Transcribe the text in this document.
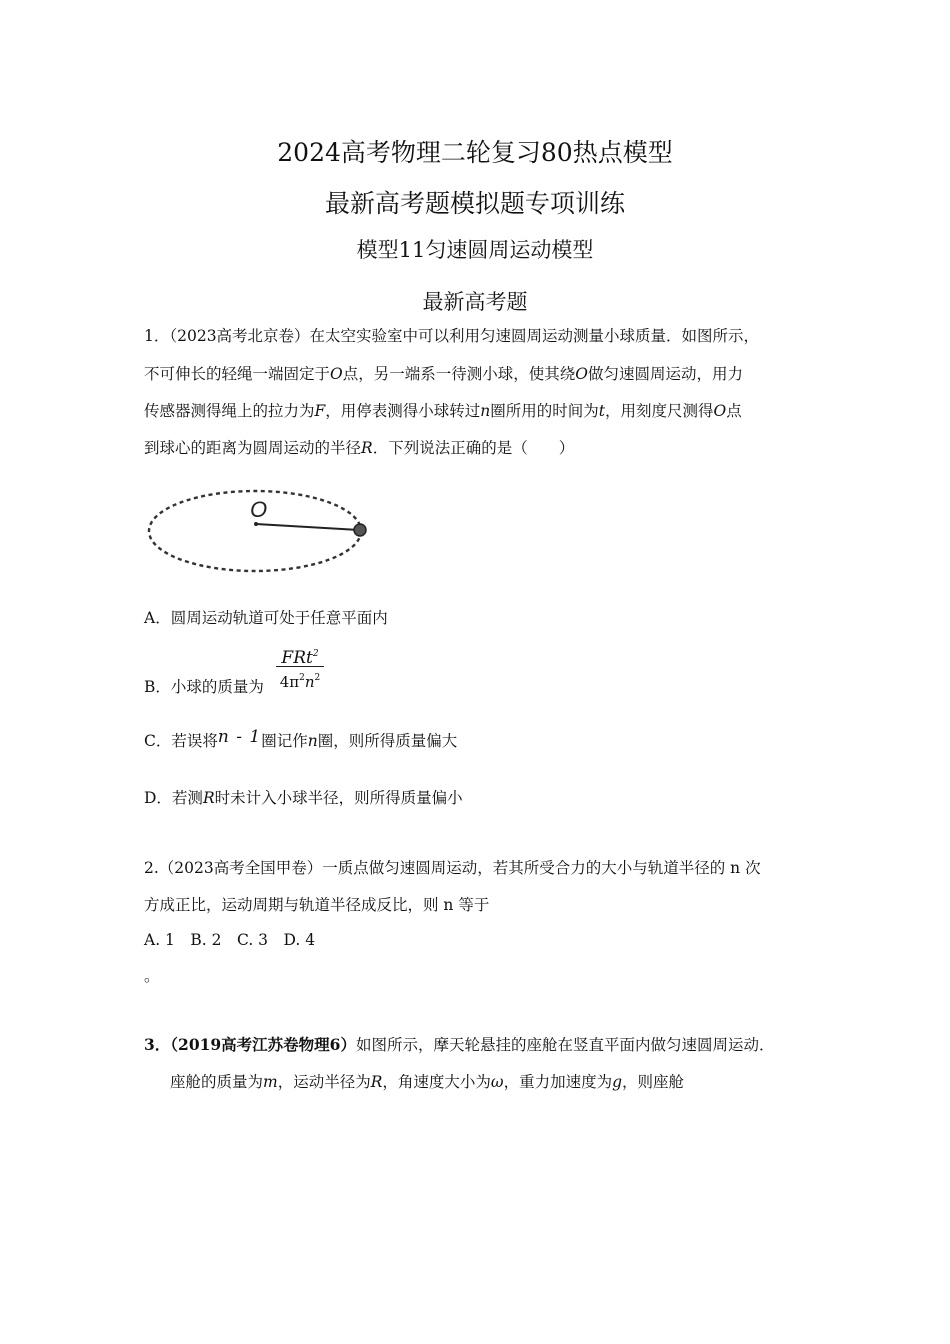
2024高考物理二轮复习80热点模型
最新高考题模拟题专项训练
模型11匀速圆周运动模型
最新高考题
1．（2023高考北京卷）在太空实验室中可以利用匀速圆周运动测量小球质量．如图所示，
不可伸长的轻绳一端固定于O点，另一端系一待测小球，使其绕O做匀速圆周运动，用力
传感器测得绳上的拉力为F，用停表测得小球转过n圈所用的时间为t，用刻度尺测得O点
到球心的距离为圆周运动的半径R．下列说法正确的是（　　）
O
A．圆周运动轨道可处于任意平面内
B．小球的质量为
FRt$^2$
$4\pi^2n^2$
C．若误将n - 1圈记作n圈，则所得质量偏大
D．若测R时未计入小球半径，则所得质量偏小
2.（2023高考全国甲卷）一质点做匀速圆周运动，若其所受合力的大小与轨道半径的 n 次
方成正比，运动周期与轨道半径成反比，则 n 等于
A. 1　B. 2　C. 3　D. 4
。
3．（2019高考江苏卷物理6）如图所示，摩天轮悬挂的座舱在竖直平面内做匀速圆周运动．
座舱的质量为m，运动半径为R，角速度大小为ω，重力加速度为g，则座舱
